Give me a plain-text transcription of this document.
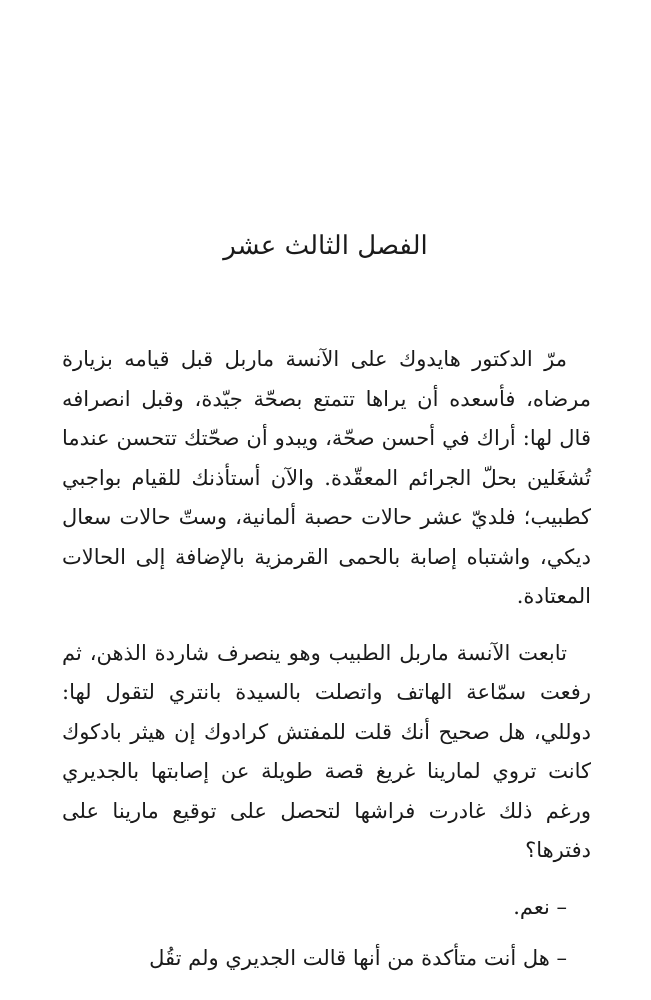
الفصل الثالث عشر

مرّ الدكتور هايدوك على الآنسة ماربل قبل قيامه بزيارة مرضاه، فأسعده أن يراها تتمتع بصحّة جيّدة، وقبل انصرافه قال لها: أراك في أحسن صحّة، ويبدو أن صحّتك تتحسن عندما تُشغَلين بحلّ الجرائم المعقّدة. والآن أستأذنك للقيام بواجبي كطبيب؛ فلديّ عشر حالات حصبة ألمانية، وستّ حالات سعال ديكي، واشتباه إصابة بالحمى القرمزية بالإضافة إلى الحالات المعتادة.

تابعت الآنسة ماربل الطبيب وهو ينصرف شاردة الذهن، ثم رفعت سمّاعة الهاتف واتصلت بالسيدة بانتري لتقول لها: دوللي، هل صحيح أنك قلت للمفتش كرادوك إن هيثر بادكوك كانت تروي لمارينا غريغ قصة طويلة عن إصابتها بالجديري ورغم ذلك غادرت فراشها لتحصل على توقيع مارينا على دفترها؟

– نعم.

– هل أنت متأكدة من أنها قالت الجديري ولم تقُل
